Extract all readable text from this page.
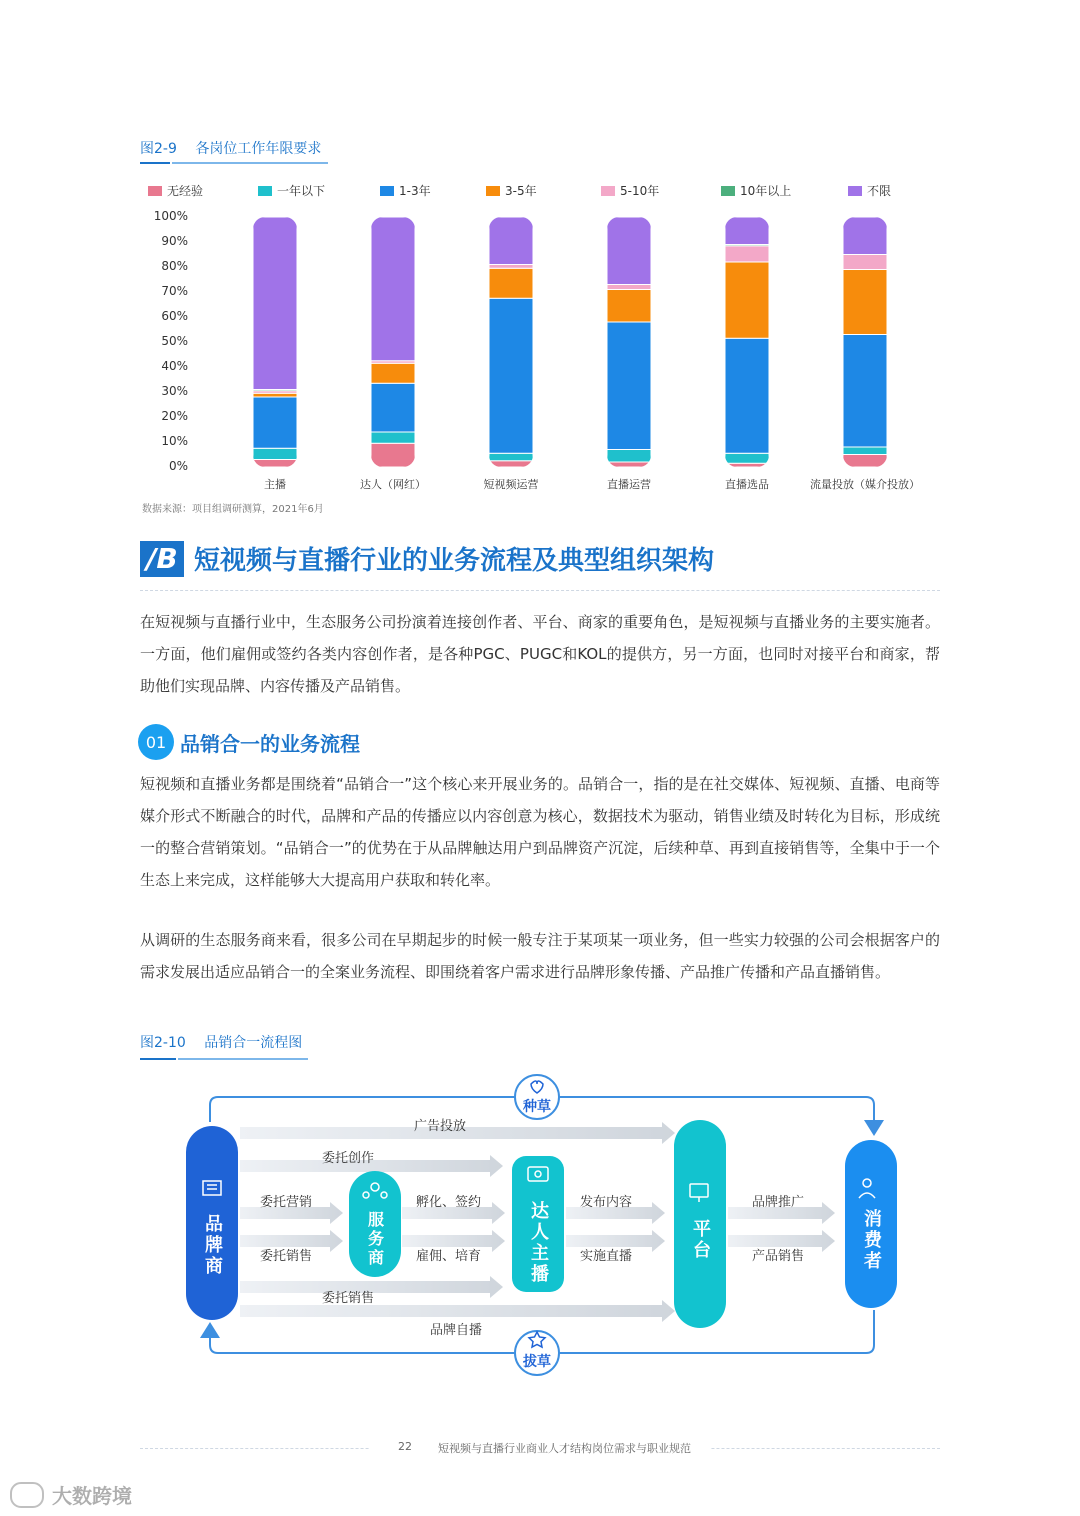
图2-9 各岗位工作年限要求
无经验	一年以下	1-3年	3-5年	5-10年	10年以上	不限
0%
10%
20%
30%
40%
50%
60%
70%
80%
90%
100%
主播	达人（网红）	短视频运营	直播运营	直播选品	流量投放（媒介投放）
数据来源：项目组调研测算，2021年6月
/B 短视频与直播行业的业务流程及典型组织架构
在短视频与直播行业中，生态服务公司扮演着连接创作者、平台、商家的重要角色，是短视频与直播业务的主要实施者。一方面，他们雇佣或签约各类内容创作者，是各种PGC、PUGC和KOL的提供方，另一方面，也同时对接平台和商家，帮助他们实现品牌、内容传播及产品销售。
01 品销合一的业务流程
短视频和直播业务都是围绕着“品销合一”这个核心来开展业务的。品销合一，指的是在社交媒体、短视频、直播、电商等媒介形式不断融合的时代，品牌和产品的传播应以内容创意为核心，数据技术为驱动，销售业绩及时转化为目标，形成统一的整合营销策划。“品销合一”的优势在于从品牌触达用户到品牌资产沉淀，后续种草、再到直接销售等，全集中于一个生态上来完成，这样能够大大提高用户获取和转化率。
从调研的生态服务商来看，很多公司在早期起步的时候一般专注于某项某一项业务，但一些实力较强的公司会根据客户的需求发展出适应品销合一的全案业务流程、即围绕着客户需求进行品牌形象传播、产品推广传播和产品直播销售。
图2-10 品销合一流程图
品牌商	服务商	达人主播	平台	消费者
种草
拔草
广告投放
委托创作
委托营销
委托销售
孵化、签约
雇佣、培育
发布内容
实施直播
品牌推广
产品销售
委托销售
品牌自播
22 短视频与直播行业商业人才结构岗位需求与职业规范
大数跨境
